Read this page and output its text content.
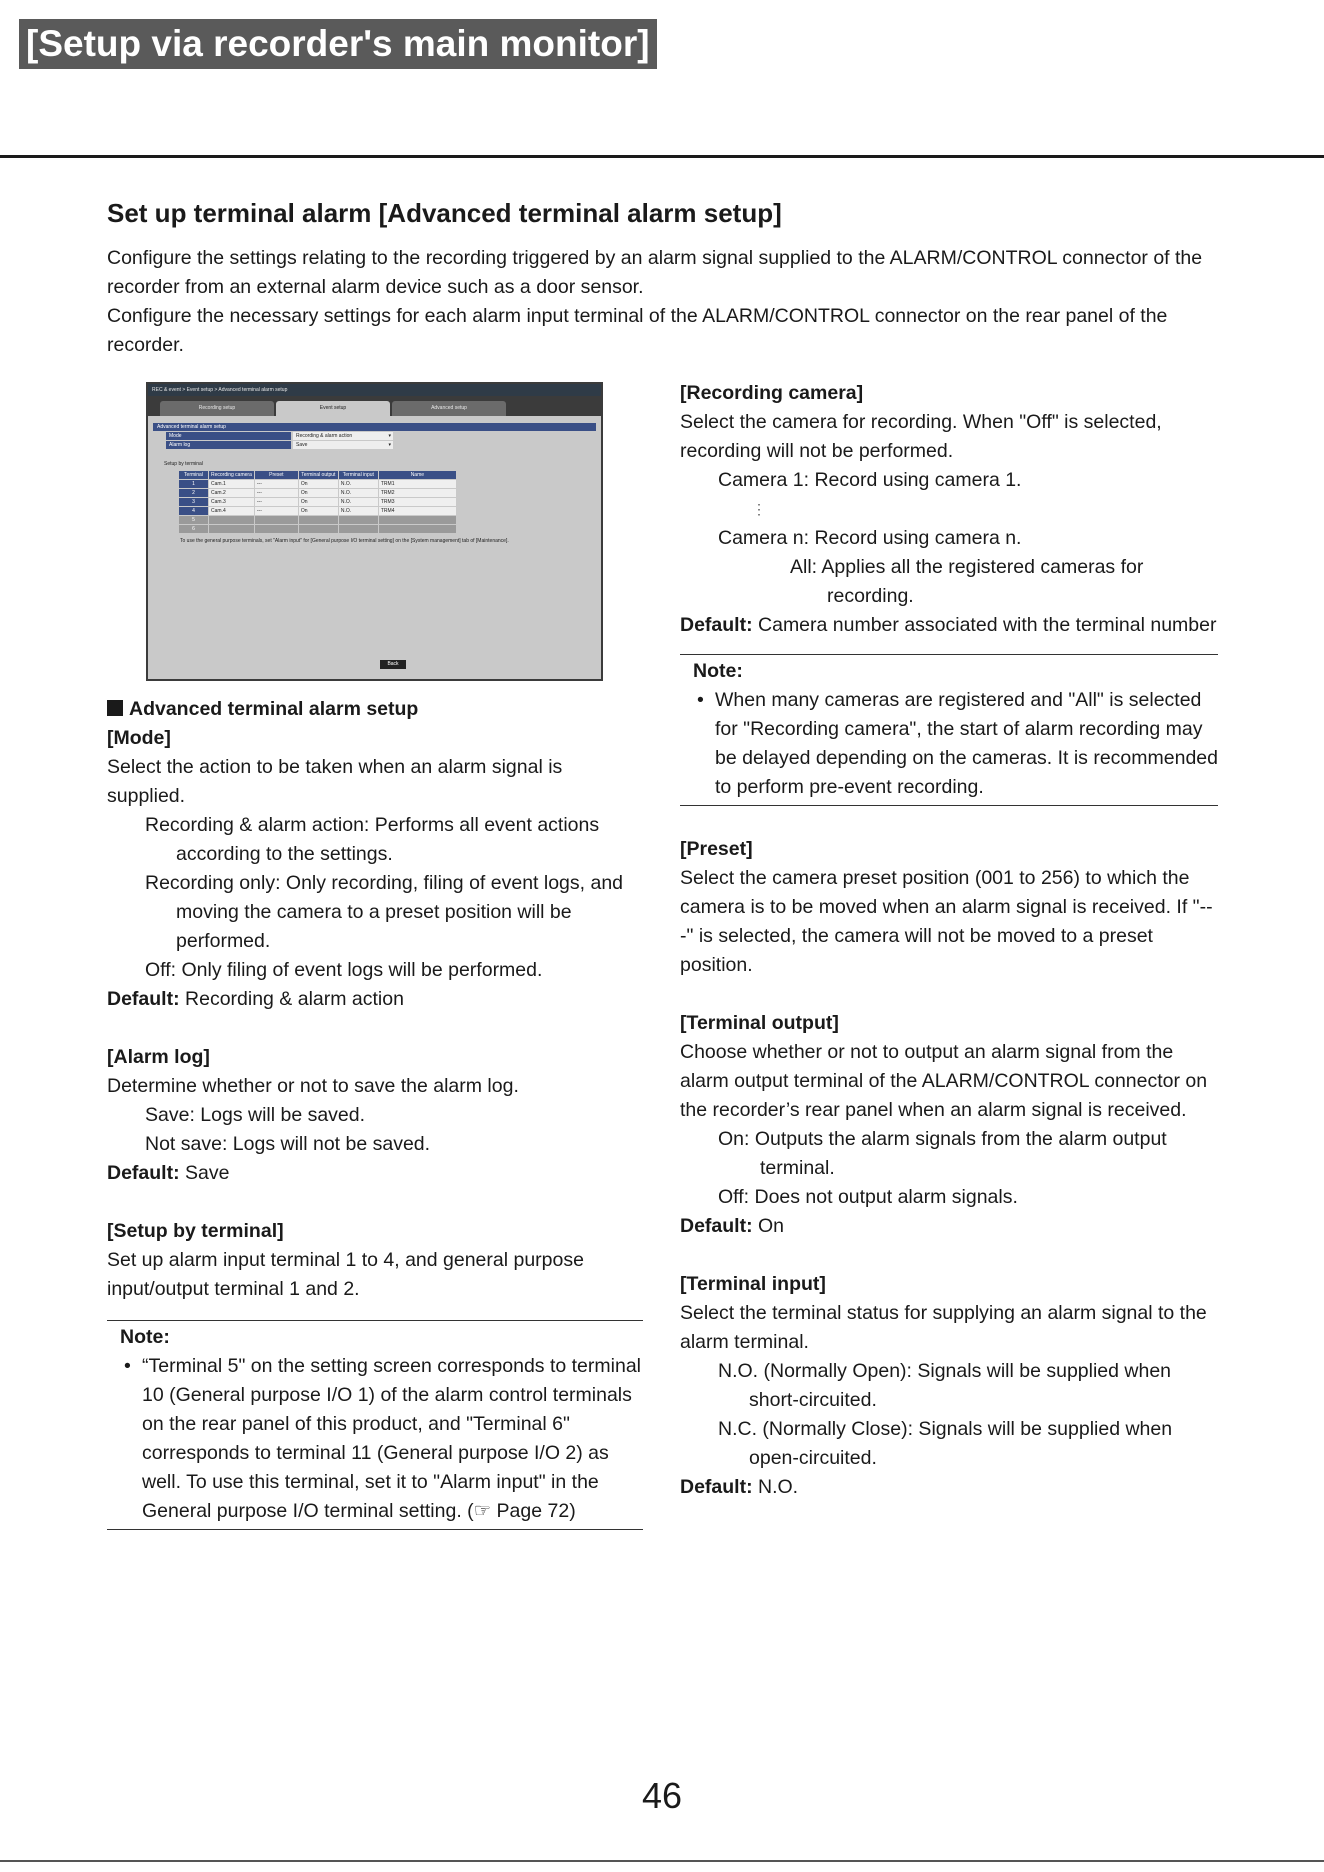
[Setup via recorder's main monitor]
Set up terminal alarm [Advanced terminal alarm setup]

Configure the settings relating to the recording triggered by an alarm signal supplied to the ALARM/CONTROL connector of the recorder from an external alarm device such as a door sensor.

Configure the necessary settings for each alarm input terminal of the ALARM/CONTROL connector on the rear panel of the recorder.

REC & event > Event setup > Advanced terminal alarm setup
Recording setup	Event setup	Advanced setup
Advanced terminal alarm setup
Mode	Recording & alarm action ▾
Alarm log	Save ▾
Setup by terminal
Terminal	Recording camera	Preset	Terminal output	Terminal input	Name
1	Cam.1	---	On	N.O.	TRM1
2	Cam.2	---	On	N.O.	TRM2
3	Cam.3	---	On	N.O.	TRM3
4	Cam.4	---	On	N.O.	TRM4
5					
6					
To use the general purpose terminals, set "Alarm input" for [General purpose I/O terminal setting] on the [System management] tab of [Maintenance].
Back

Advanced terminal alarm setup

[Mode]

Select the action to be taken when an alarm signal is supplied.

Recording & alarm action: Performs all event actions according to the settings.

Recording only: Only recording, filing of event logs, and moving the camera to a preset position will be performed.

Off: Only filing of event logs will be performed.

Default: Recording & alarm action

[Alarm log]

Determine whether or not to save the alarm log.

Save: Logs will be saved.

Not save: Logs will not be saved.

Default: Save

[Setup by terminal]

Set up alarm input terminal 1 to 4, and general purpose input/output terminal 1 and 2.

Note:

• “Terminal 5" on the setting screen corresponds to terminal 10 (General purpose I/O 1) of the alarm control terminals on the rear panel of this product, and "Terminal 6" corresponds to terminal 11 (General purpose I/O 2) as well. To use this terminal, set it to "Alarm input" in the General purpose I/O terminal setting. (☞ Page 72)

[Recording camera]

Select the camera for recording. When "Off" is selected, recording will not be performed.

Camera 1: Record using camera 1.

⋮

Camera n: Record using camera n.

All: Applies all the registered cameras for recording.

Default: Camera number associated with the terminal number

Note:

• When many cameras are registered and "All" is selected for "Recording camera", the start of alarm recording may be delayed depending on the cameras. It is recommended to perform pre-event recording.

[Preset]

Select the camera preset position (001 to 256) to which the camera is to be moved when an alarm signal is received. If "---" is selected, the camera will not be moved to a preset position.

[Terminal output]

Choose whether or not to output an alarm signal from the alarm output terminal of the ALARM/CONTROL connector on the recorder’s rear panel when an alarm signal is received.

On: Outputs the alarm signals from the alarm output terminal.

Off: Does not output alarm signals.

Default: On

[Terminal input]

Select the terminal status for supplying an alarm signal to the alarm terminal.

N.O. (Normally Open): Signals will be supplied when short-circuited.

N.C. (Normally Close): Signals will be supplied when open-circuited.

Default: N.O.

46
